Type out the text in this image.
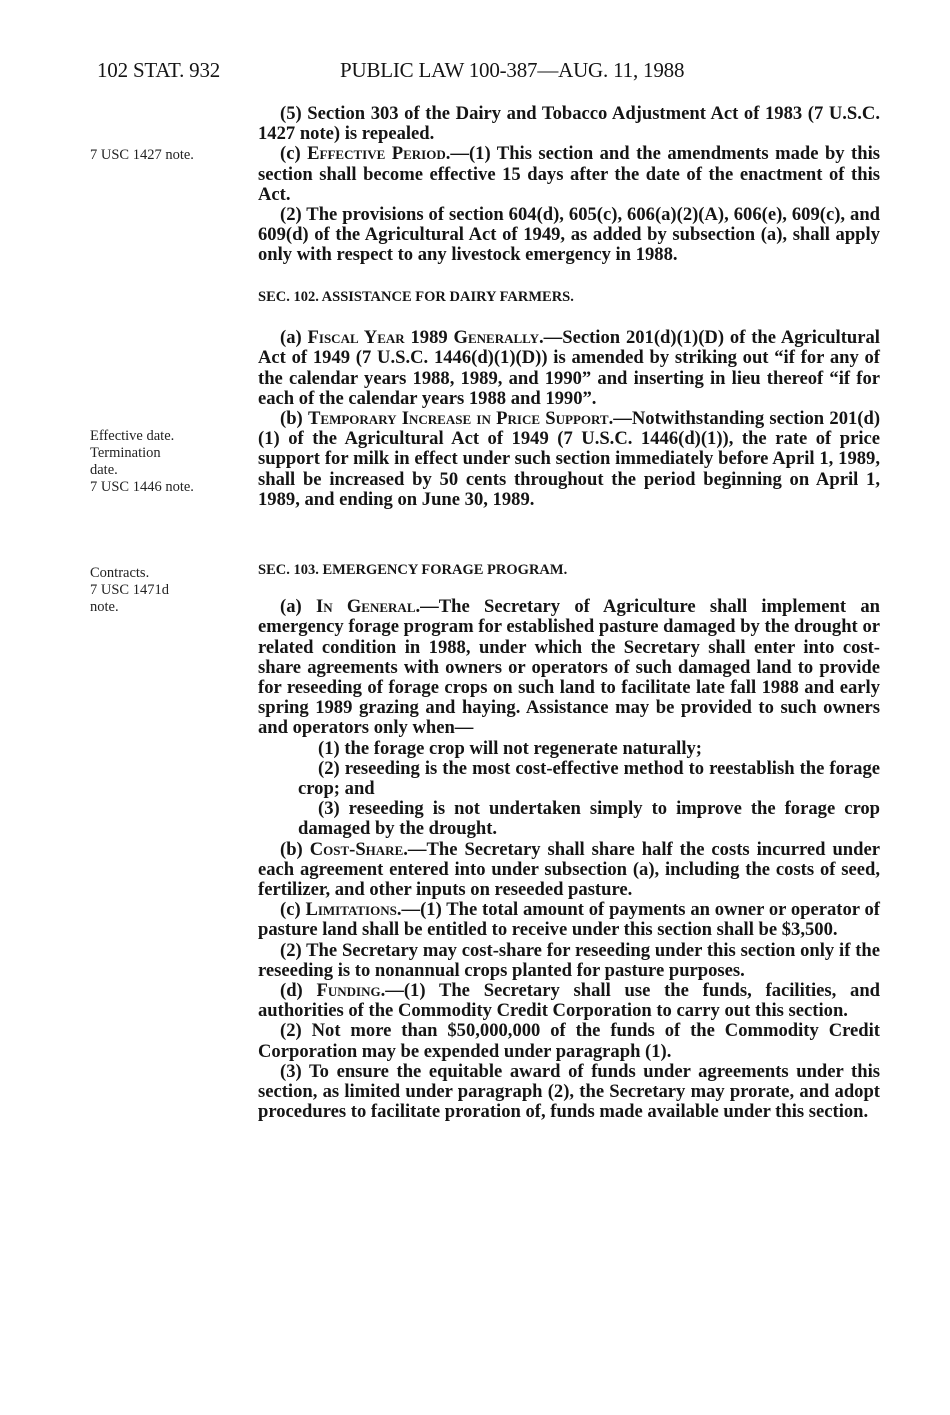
102 STAT. 932	PUBLIC LAW 100-387—AUG. 11, 1988
7 USC 1427 note.
Effective date.
Termination
date.
7 USC 1446 note.
Contracts.
7 USC 1471d
note.

(5) Section 303 of the Dairy and Tobacco Adjustment Act of 1983 (7 U.S.C. 1427 note) is repealed.

(c) Effective Period.—(1) This section and the amendments made by this section shall become effective 15 days after the date of the enactment of this Act.

(2) The provisions of section 604(d), 605(c), 606(a)(2)(A), 606(e), 609(c), and 609(d) of the Agricultural Act of 1949, as added by subsection (a), shall apply only with respect to any livestock emergency in 1988.

SEC. 102. ASSISTANCE FOR DAIRY FARMERS.

(a) Fiscal Year 1989 Generally.—Section 201(d)(1)(D) of the Agricultural Act of 1949 (7 U.S.C. 1446(d)(1)(D)) is amended by striking out “if for any of the calendar years 1988, 1989, and 1990” and inserting in lieu thereof “if for each of the calendar years 1988 and 1990”.

(b) Temporary Increase in Price Support.—Notwithstanding section 201(d)(1) of the Agricultural Act of 1949 (7 U.S.C. 1446(d)(1)), the rate of price support for milk in effect under such section immediately before April 1, 1989, shall be increased by 50 cents throughout the period beginning on April 1, 1989, and ending on June 30, 1989.

SEC. 103. EMERGENCY FORAGE PROGRAM.

(a) In General.—The Secretary of Agriculture shall implement an emergency forage program for established pasture damaged by the drought or related condition in 1988, under which the Secretary shall enter into cost-share agreements with owners or operators of such damaged land to provide for reseeding of forage crops on such land to facilitate late fall 1988 and early spring 1989 grazing and haying. Assistance may be provided to such owners and operators only when—

(1) the forage crop will not regenerate naturally;

(2) reseeding is the most cost-effective method to reestablish the forage crop; and

(3) reseeding is not undertaken simply to improve the forage crop damaged by the drought.

(b) Cost-Share.—The Secretary shall share half the costs incurred under each agreement entered into under subsection (a), including the costs of seed, fertilizer, and other inputs on reseeded pasture.

(c) Limitations.—(1) The total amount of payments an owner or operator of pasture land shall be entitled to receive under this section shall be $3,500.

(2) The Secretary may cost-share for reseeding under this section only if the reseeding is to nonannual crops planted for pasture purposes.

(d) Funding.—(1) The Secretary shall use the funds, facilities, and authorities of the Commodity Credit Corporation to carry out this section.

(2) Not more than $50,000,000 of the funds of the Commodity Credit Corporation may be expended under paragraph (1).

(3) To ensure the equitable award of funds under agreements under this section, as limited under paragraph (2), the Secretary may prorate, and adopt procedures to facilitate proration of, funds made available under this section.
